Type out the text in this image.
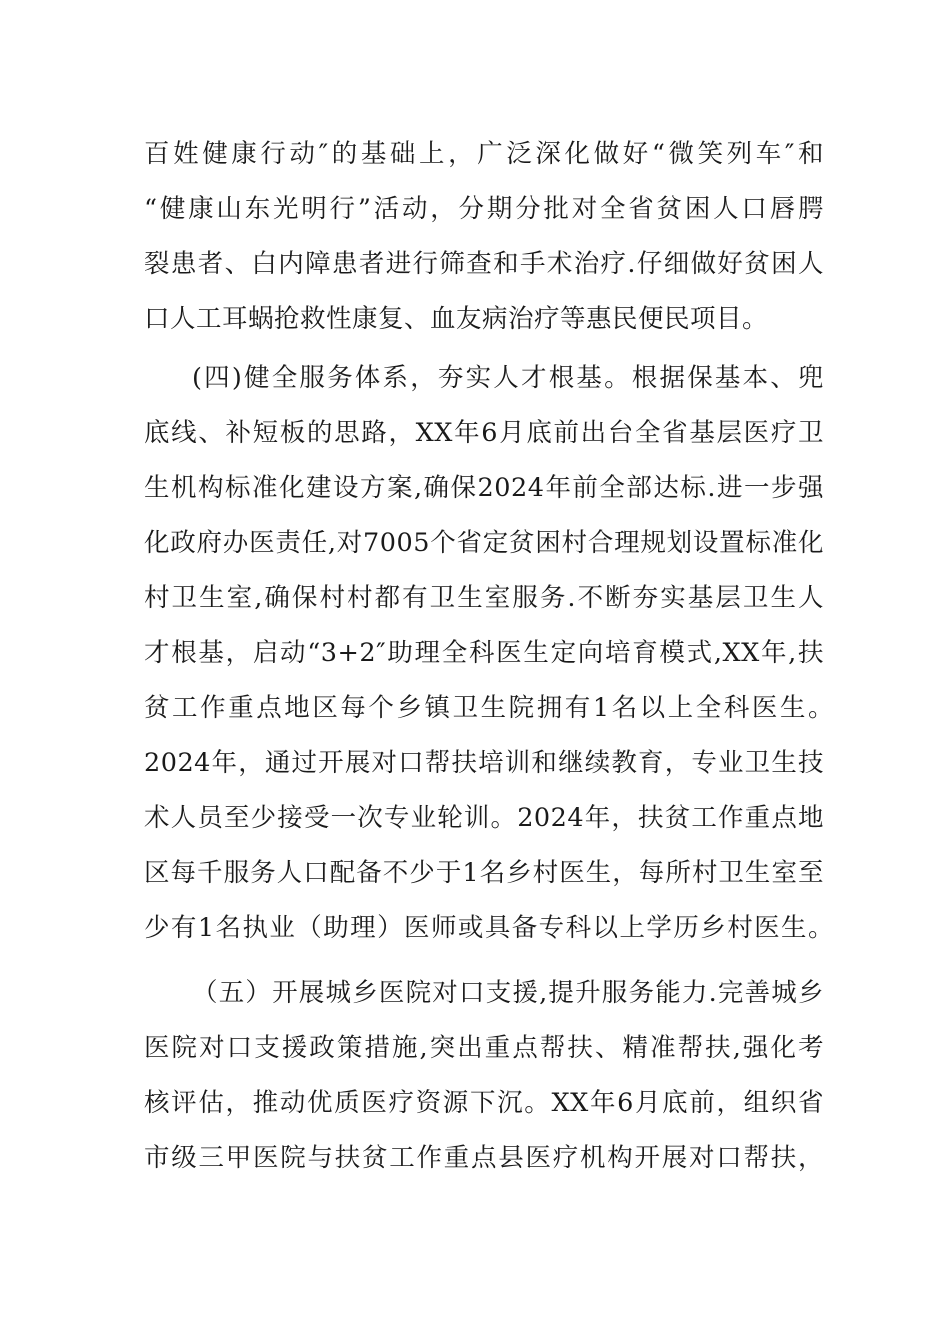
百姓健康行动″的基础上，广泛深化做好“微笑列车″和
“健康山东光明行”活动，分期分批对全省贫困人口唇腭
裂患者、白内障患者进行筛查和手术治疗.仔细做好贫困人
口人工耳蜗抢救性康复、血友病治疗等惠民便民项目。
(四)健全服务体系，夯实人才根基。根据保基本、兜
底线、补短板的思路，XX年6月底前出台全省基层医疗卫
生机构标准化建设方案,确保2024年前全部达标.进一步强
化政府办医责任,对7005个省定贫困村合理规划设置标准化
村卫生室,确保村村都有卫生室服务.不断夯实基层卫生人
才根基，启动“3+2″助理全科医生定向培育模式,XX年,扶
贫工作重点地区每个乡镇卫生院拥有1名以上全科医生。
2024年，通过开展对口帮扶培训和继续教育，专业卫生技
术人员至少接受一次专业轮训。2024年，扶贫工作重点地
区每千服务人口配备不少于1名乡村医生，每所村卫生室至
少有1名执业（助理）医师或具备专科以上学历乡村医生。
（五）开展城乡医院对口支援,提升服务能力.完善城乡
医院对口支援政策措施,突出重点帮扶、精准帮扶,强化考
核评估，推动优质医疗资源下沉。XX年6月底前，组织省
市级三甲医院与扶贫工作重点县医疗机构开展对口帮扶，
